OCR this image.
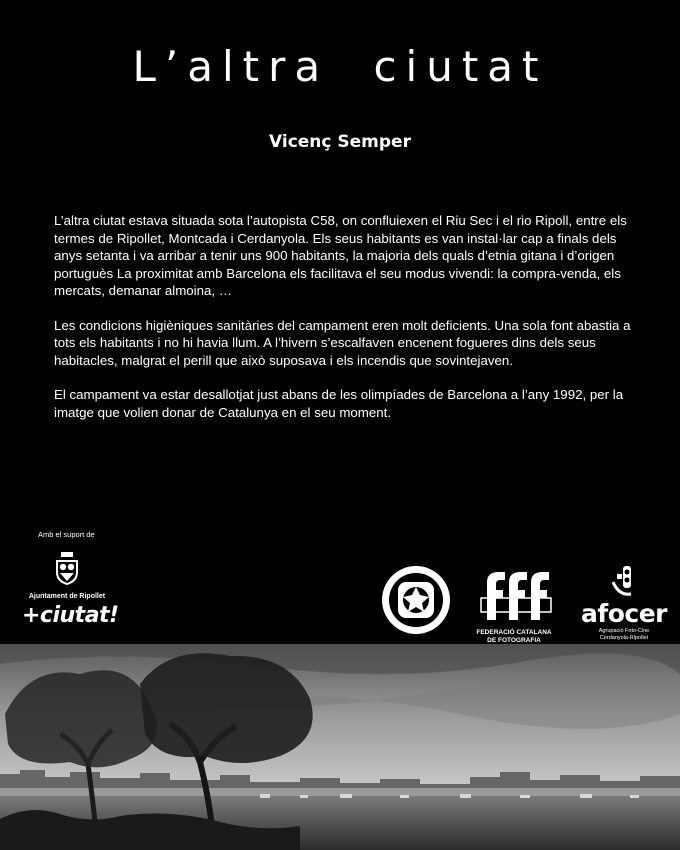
L’altra ciutat
Vicenç Semper

L’altra ciutat estava situada sota l’autopista C58, on confluiexen el Riu Sec i el rio Ripoll, entre els termes de Ripollet, Montcada i Cerdanyola. Els seus habitants es van instal·lar cap a finals dels anys setanta i va arribar a tenir uns 900 habitants, la majoria dels quals d’etnia gitana i d’origen portuguès La proximitat amb Barcelona els facilitava el seu modus vivendi: la compra-venda, els mercats, demanar almoina, …

Les condicions higièniques sanitàries del campament eren molt deficients. Una sola font abastia a tots els habitants i no hi havia llum. A l’hivern s’escalfaven encenent fogueres dins dels seus habitacles, malgrat el perill que això suposava i els incendis que sovintejaven.

El campament va estar desallotjat just abans de les olimpíades de Barcelona a l’any 1992, per la imatge que volien donar de Catalunya en el seu moment.

Amb el suport de
Ajuntament de Ripollet
+ciutat!
FEDERACIÓ CATALANA
DE FOTOGRAFIA
afocer
Agrupació Foto-Cine
Cerdanyola-Ripollet
